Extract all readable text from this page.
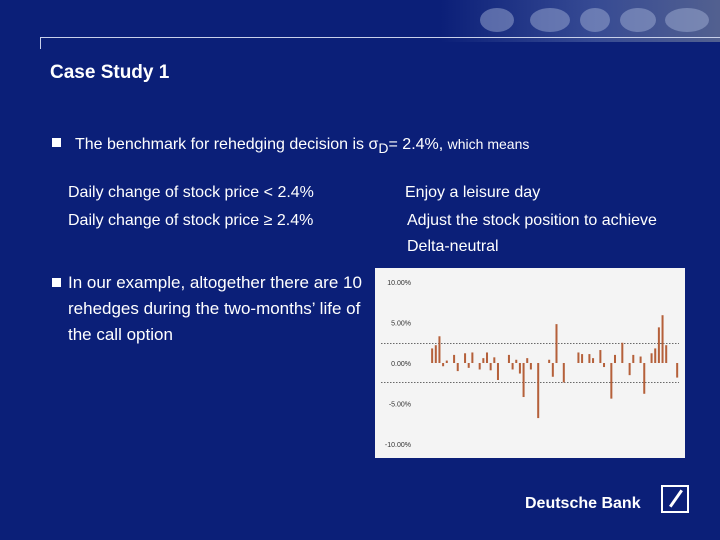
Case Study 1
The benchmark for rehedging decision is $\sigma_D= 2.4\%$, which means
Daily change of stock price < 2.4%	Enjoy a leisure day
Daily change of stock price ≥ 2.4%	Adjust the stock position to achieve
Delta-neutral
In our example, altogether there are 10 rehedges during the two-months’ life of the call option
10.00%
5.00%
0.00%
-5.00%
-10.00%
Deutsche Bank
